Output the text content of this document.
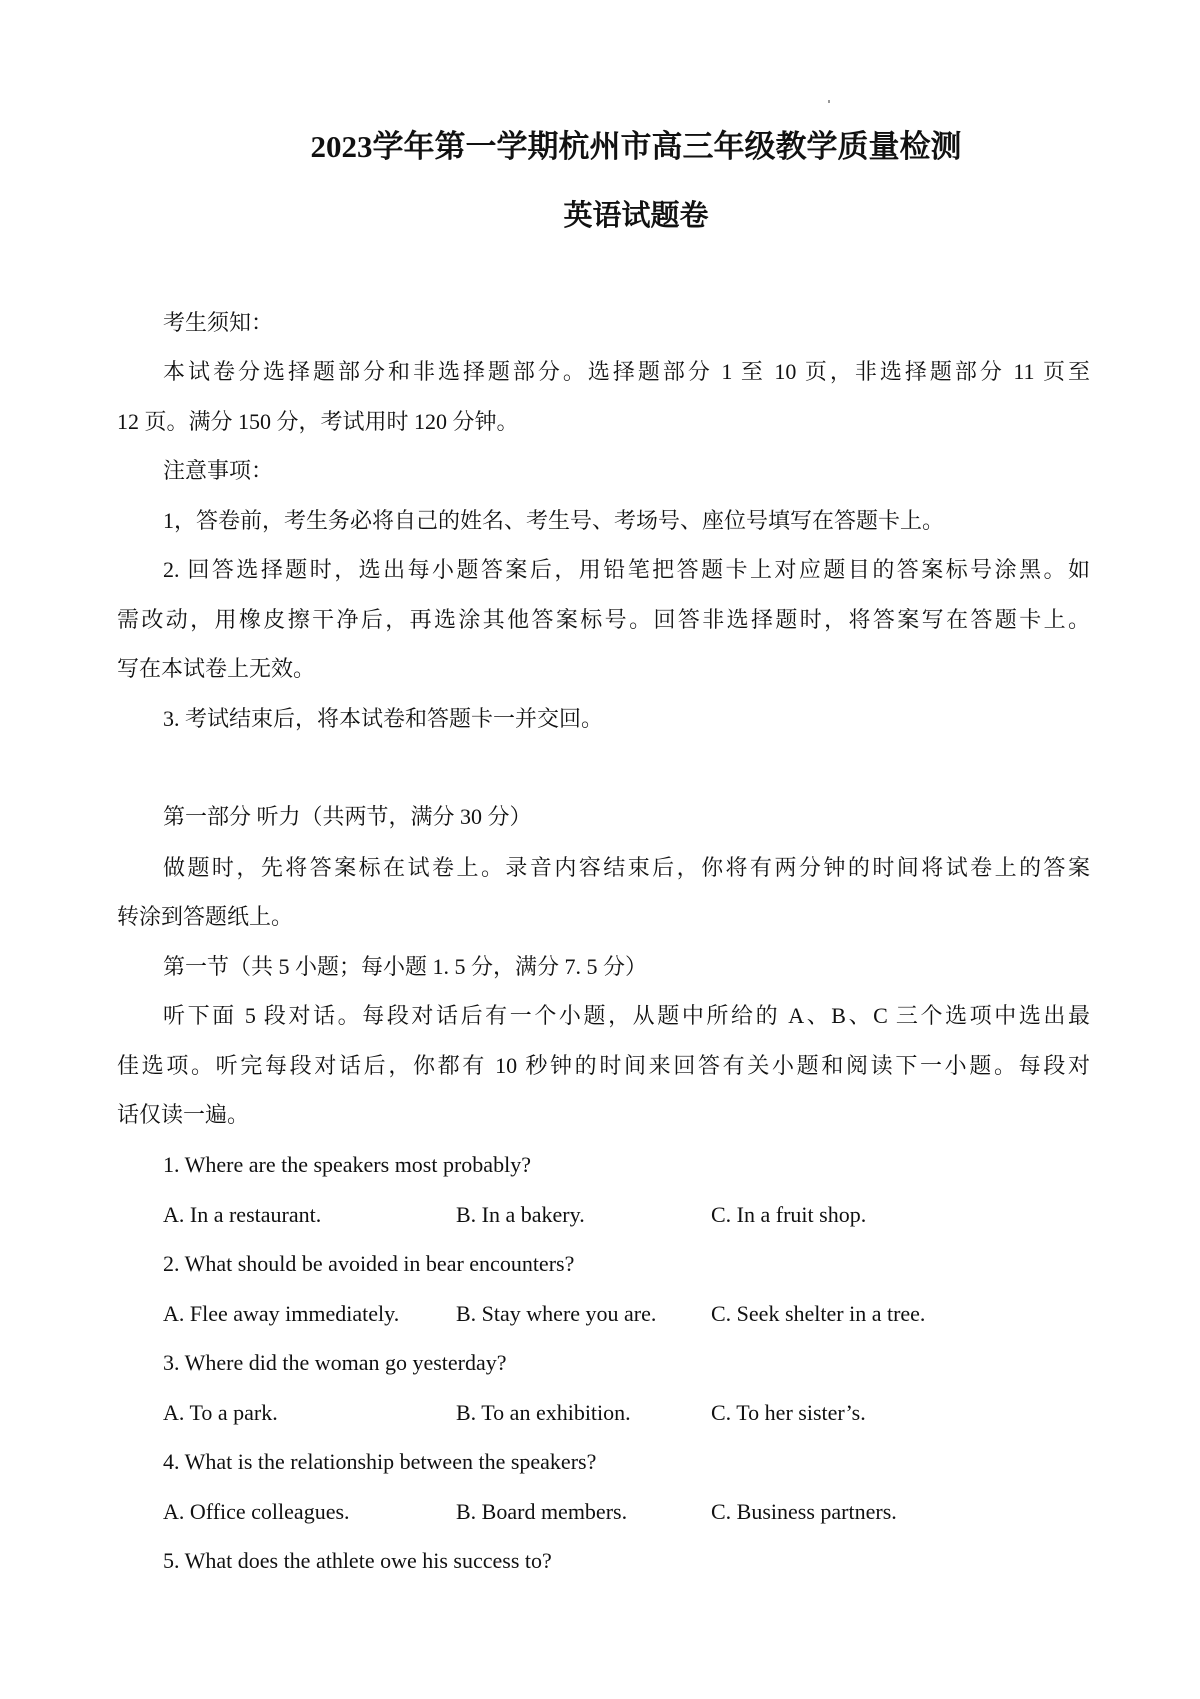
2023学年第一学期杭州市高三年级教学质量检测
英语试题卷
考生须知：
本试卷分选择题部分和非选择题部分。选择题部分 1 至 10 页，非选择题部分 11 页至
12 页。满分 150 分，考试用时 120 分钟。
注意事项：
1，答卷前，考生务必将自己的姓名、考生号、考场号、座位号填写在答题卡上。
2. 回答选择题时，选出每小题答案后，用铅笔把答题卡上对应题目的答案标号涂黑。如
需改动，用橡皮擦干净后，再选涂其他答案标号。回答非选择题时，将答案写在答题卡上。
写在本试卷上无效。
3. 考试结束后，将本试卷和答题卡一并交回。
第一部分 听力（共两节，满分 30 分）
做题时，先将答案标在试卷上。录音内容结束后，你将有两分钟的时间将试卷上的答案
转涂到答题纸上。
第一节（共 5 小题；每小题 1. 5 分，满分 7. 5 分）
听下面 5 段对话。每段对话后有一个小题，从题中所给的 A、B、C 三个选项中选出最
佳选项。听完每段对话后，你都有 10 秒钟的时间来回答有关小题和阅读下一小题。每段对
话仅读一遍。
1. Where are the speakers most probably?
A. In a restaurant.	B. In a bakery.	C. In a fruit shop.
2. What should be avoided in bear encounters?
A. Flee away immediately.	B. Stay where you are. C. Seek shelter in a tree.
3. Where did the woman go yesterday?
A. To a park.	B. To an exhibition.	C. To her sister’s.
4. What is the relationship between the speakers?
A. Office colleagues.	B. Board members.	C. Business partners.
5. What does the athlete owe his success to?
